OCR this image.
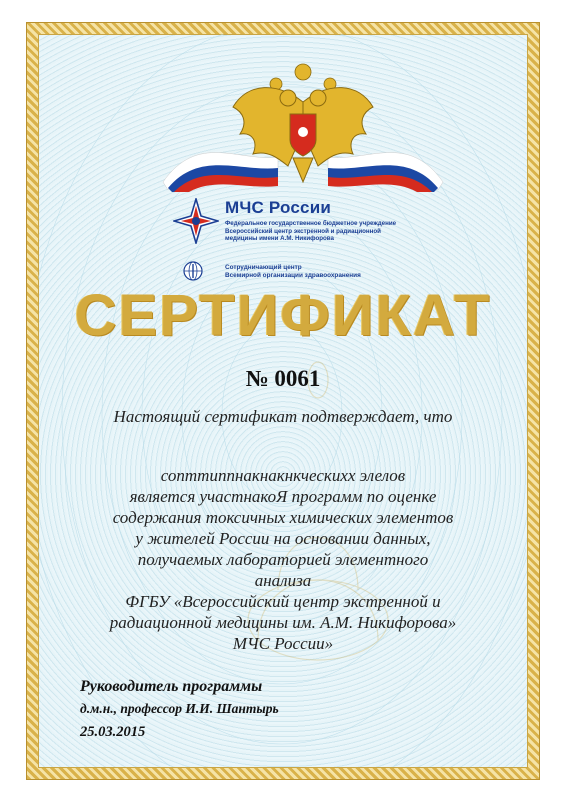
МЧС России
Федеральное государственное бюджетное учреждение
Всероссийский центр экстренной и радиационной
медицины имени А.М. Никифорова
Сотрудничающий центр
Всемирной организации здравоохранения
СЕРТИФИКАТ
№ 0061
Настоящий сертификат подтверждает, что
сопттиппнакнакнкческихх элелов
является участнакоЯ программ по оценке
содержания токсичных химических элементов
у жителей России на основании данных,
получаемых лабораторией элементного
анализа
ФГБУ «Всероссийский центр экстренной и
радиационной медицины им. А.М. Никифорова»
МЧС России»
Руководитель программы
д.м.н., профессор И.И. Шантырь
25.03.2015
